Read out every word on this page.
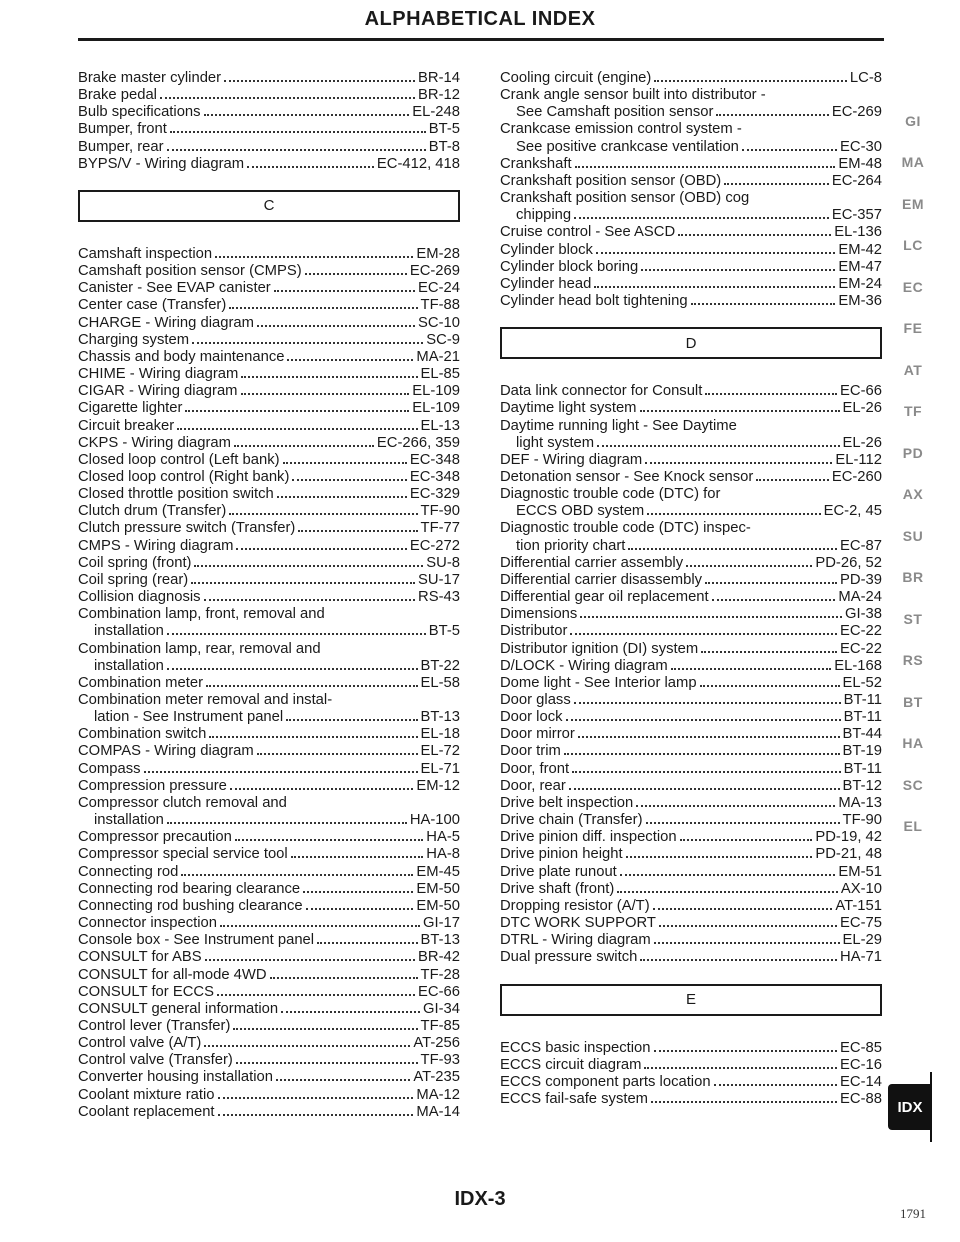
ALPHABETICAL INDEX
Brake master cylinder	BR-14
Brake pedal	BR-12
Bulb specifications	EL-248
Bumper, front	BT-5
Bumper, rear	BT-8
BYPS/V - Wiring diagram	EC-412, 418
C
Camshaft inspection	EM-28
Camshaft position sensor (CMPS)	EC-269
Canister - See EVAP canister	EC-24
Center case (Transfer)	TF-88
CHARGE - Wiring diagram	SC-10
Charging system	SC-9
Chassis and body maintenance	MA-21
CHIME - Wiring diagram	EL-85
CIGAR - Wiring diagram	EL-109
Cigarette lighter	EL-109
Circuit breaker	EL-13
CKPS - Wiring diagram	EC-266, 359
Closed loop control (Left bank)	EC-348
Closed loop control (Right bank)	EC-348
Closed throttle position switch	EC-329
Clutch drum (Transfer)	TF-90
Clutch pressure switch (Transfer)	TF-77
CMPS - Wiring diagram	EC-272
Coil spring (front)	SU-8
Coil spring (rear)	SU-17
Collision diagnosis	RS-43
Combination lamp, front, removal and
installation	BT-5
Combination lamp, rear, removal and
installation	BT-22
Combination meter	EL-58
Combination meter removal and instal-
lation - See Instrument panel	BT-13
Combination switch	EL-18
COMPAS - Wiring diagram	EL-72
Compass	EL-71
Compression pressure	EM-12
Compressor clutch removal and
installation	HA-100
Compressor precaution	HA-5
Compressor special service tool	HA-8
Connecting rod	EM-45
Connecting rod bearing clearance	EM-50
Connecting rod bushing clearance	EM-50
Connector inspection	GI-17
Console box - See Instrument panel	BT-13
CONSULT for ABS	BR-42
CONSULT for all-mode 4WD	TF-28
CONSULT for ECCS	EC-66
CONSULT general information	GI-34
Control lever (Transfer)	TF-85
Control valve (A/T)	AT-256
Control valve (Transfer)	TF-93
Converter housing installation	AT-235
Coolant mixture ratio	MA-12
Coolant replacement	MA-14
Cooling circuit (engine)	LC-8
Crank angle sensor built into distributor -
See Camshaft position sensor	EC-269
Crankcase emission control system -
See positive crankcase ventilation	EC-30
Crankshaft	EM-48
Crankshaft position sensor (OBD)	EC-264
Crankshaft position sensor (OBD) cog
chipping	EC-357
Cruise control - See ASCD	EL-136
Cylinder block	EM-42
Cylinder block boring	EM-47
Cylinder head	EM-24
Cylinder head bolt tightening	EM-36
D
Data link connector for Consult	EC-66
Daytime light system	EL-26
Daytime running light - See Daytime
light system	EL-26
DEF - Wiring diagram	EL-112
Detonation sensor - See Knock sensor	EC-260
Diagnostic trouble code (DTC) for
ECCS OBD system	EC-2, 45
Diagnostic trouble code (DTC) inspec-
tion priority chart	EC-87
Differential carrier assembly	PD-26, 52
Differential carrier disassembly	PD-39
Differential gear oil replacement	MA-24
Dimensions	GI-38
Distributor	EC-22
Distributor ignition (DI) system	EC-22
D/LOCK - Wiring diagram	EL-168
Dome light - See Interior lamp	EL-52
Door glass	BT-11
Door lock	BT-11
Door mirror	BT-44
Door trim	BT-19
Door, front	BT-11
Door, rear	BT-12
Drive belt inspection	MA-13
Drive chain (Transfer)	TF-90
Drive pinion diff. inspection	PD-19, 42
Drive pinion height	PD-21, 48
Drive plate runout	EM-51
Drive shaft (front)	AX-10
Dropping resistor (A/T)	AT-151
DTC WORK SUPPORT	EC-75
DTRL - Wiring diagram	EL-29
Dual pressure switch	HA-71
E
ECCS basic inspection	EC-85
ECCS circuit diagram	EC-16
ECCS component parts location	EC-14
ECCS fail-safe system	EC-88
GI
MA
EM
LC
EC
FE
AT
TF
PD
AX
SU
BR
ST
RS
BT
HA
SC
EL
IDX
IDX-3
1791
